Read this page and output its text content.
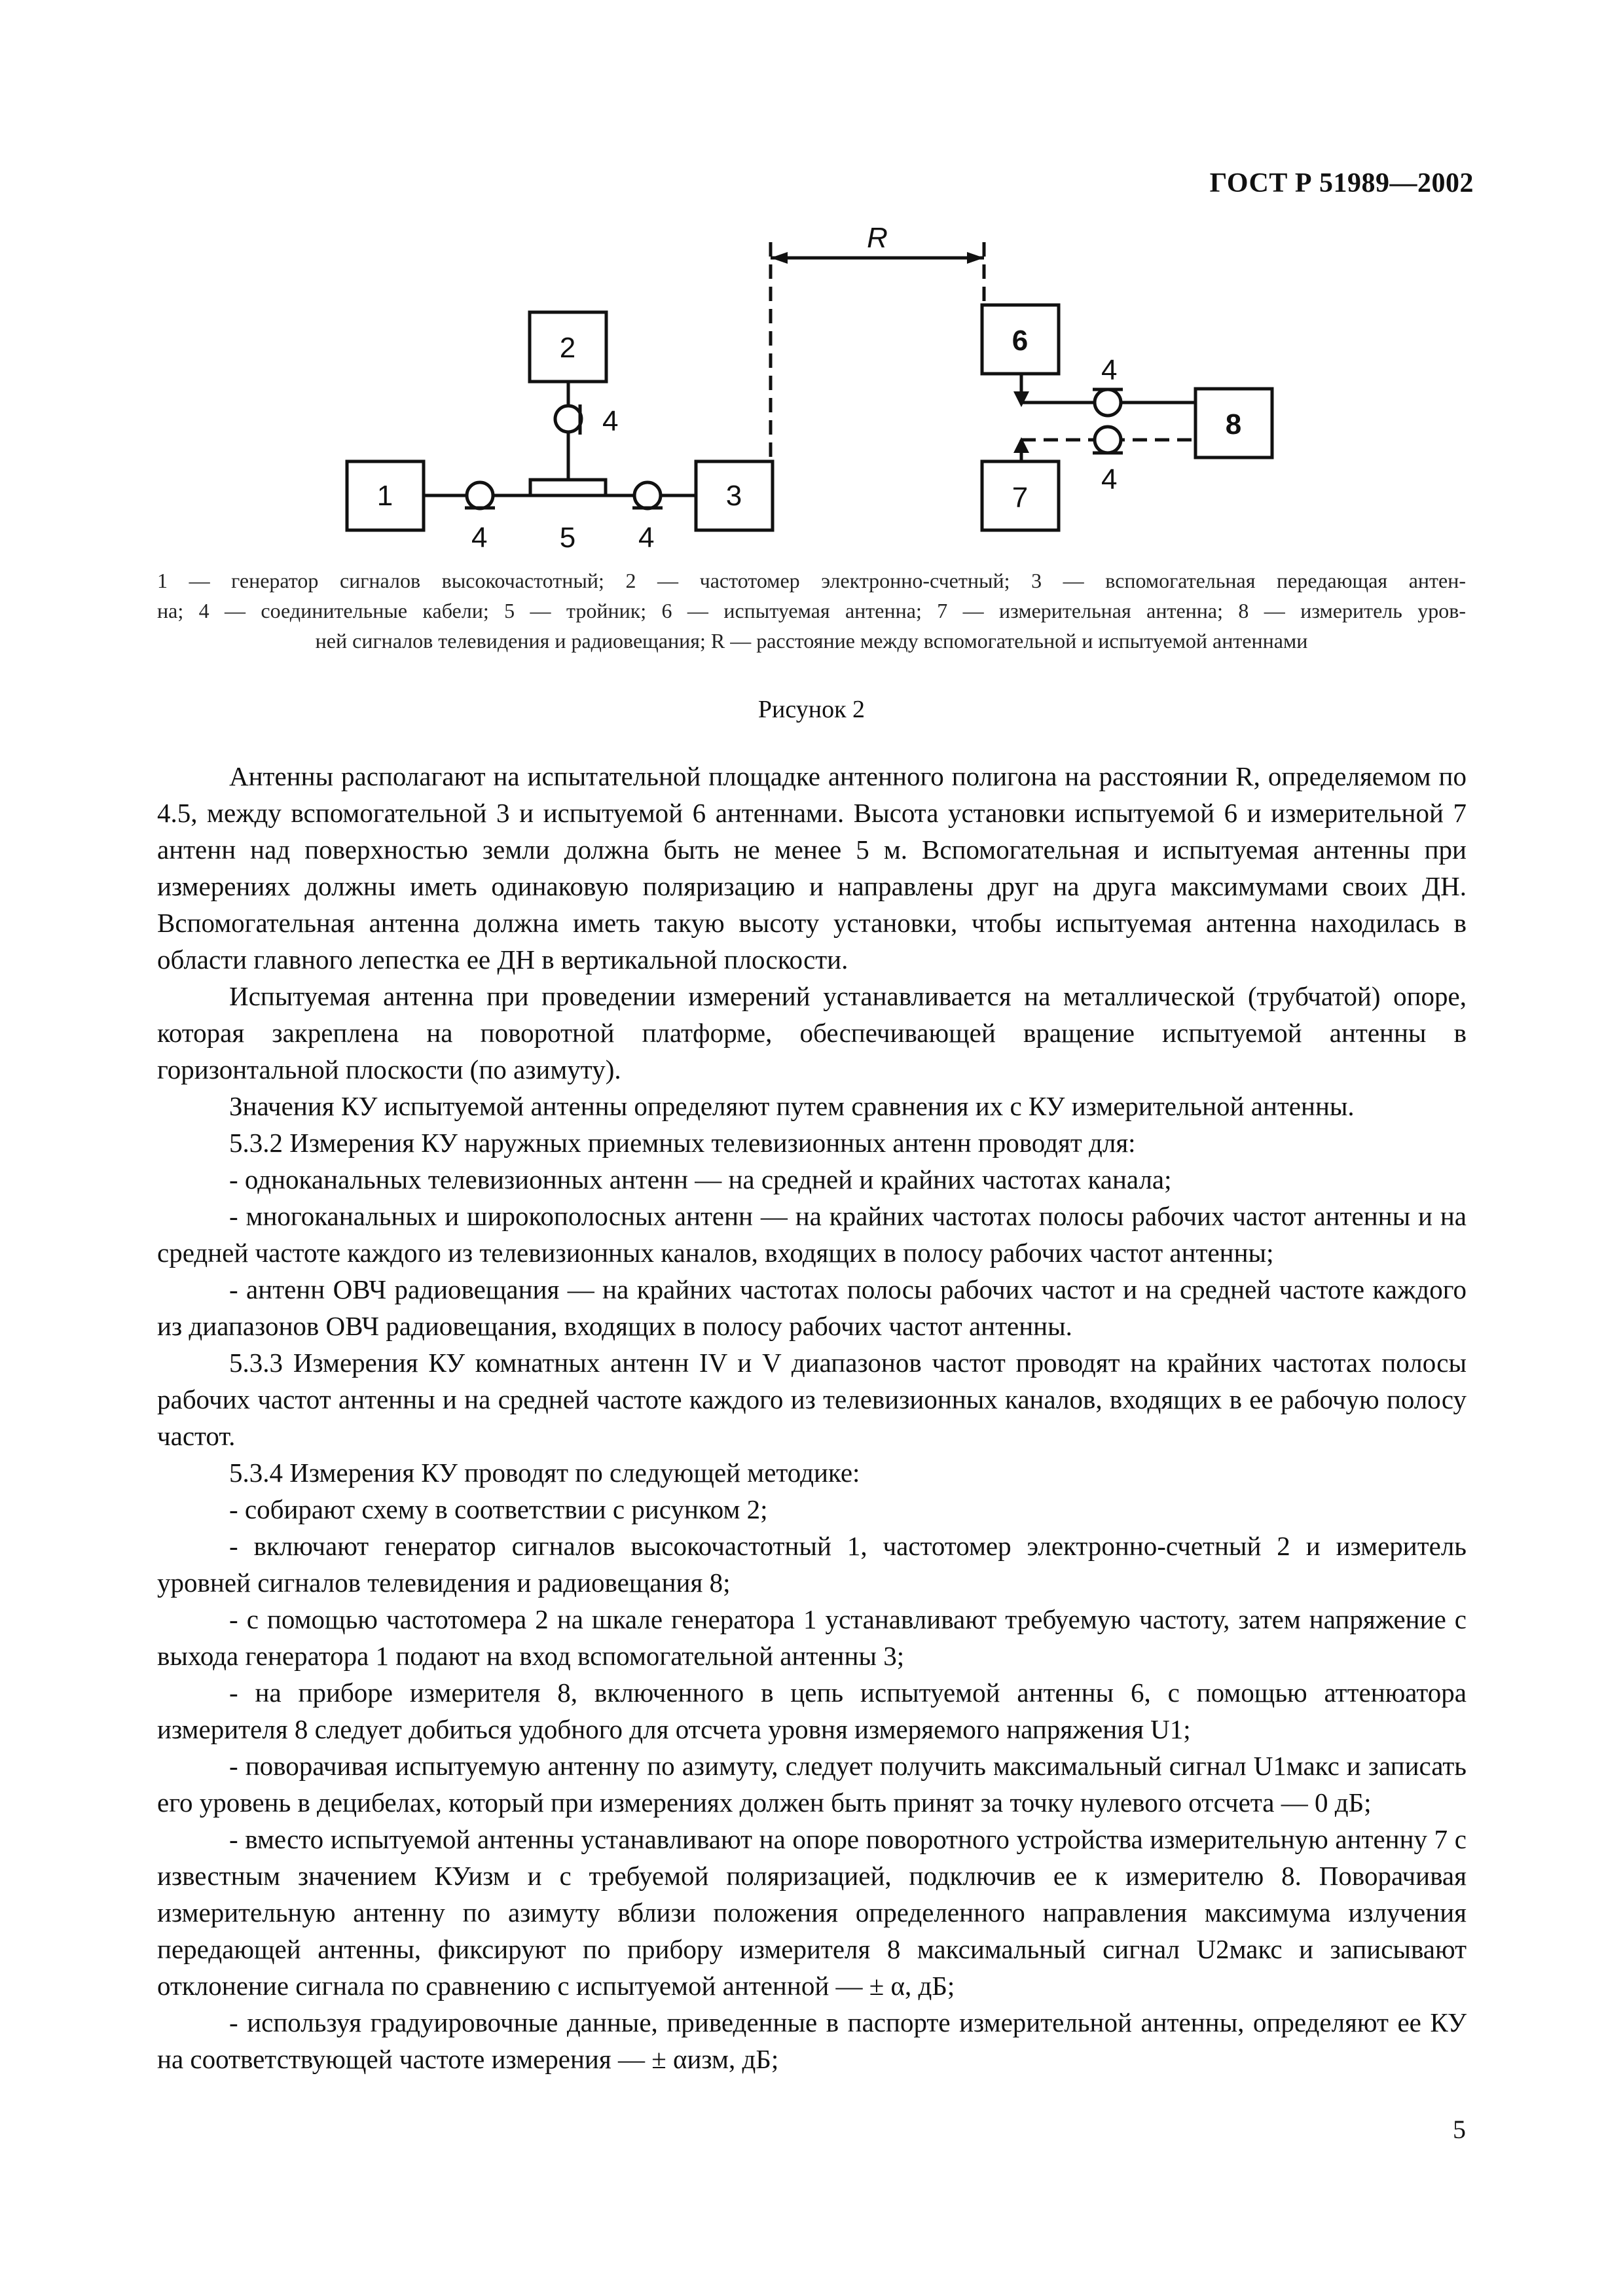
ГОСТ Р 51989—2002
1
2
3
4
4	5 4
6
7
8
4
4
R
1 — генератор сигналов высокочастотный; 2 — частотомер электронно-счетный; 3 — вспомогательная передающая антен-
на; 4 — соединительные кабели; 5 — тройник; 6 — испытуемая антенна; 7 — измерительная антенна; 8 — измеритель уров-
ней сигналов телевидения и радиовещания; R — расстояние между вспомогательной и испытуемой антеннами
Рисунок 2

Антенны располагают на испытательной площадке антенного полигона на расстоянии R, определяемом по 4.5, между вспомогательной 3 и испытуемой 6 антеннами. Высота установки испытуемой 6 и измерительной 7 антенн над поверхностью земли должна быть не менее 5 м. Вспомогательная и испытуемая антенны при измерениях должны иметь одинаковую поляризацию и направлены друг на друга максимумами своих ДН. Вспомогательная антенна должна иметь такую высоту установки, чтобы испытуемая антенна находилась в области главного лепестка ее ДН в вертикальной плоскости.

Испытуемая антенна при проведении измерений устанавливается на металлической (трубчатой) опоре, которая закреплена на поворотной платформе, обеспечивающей вращение испытуемой антенны в горизонтальной плоскости (по азимуту).

Значения КУ испытуемой антенны определяют путем сравнения их с КУ измерительной антенны.

5.3.2 Измерения КУ наружных приемных телевизионных антенн проводят для:

- одноканальных телевизионных антенн — на средней и крайних частотах канала;

- многоканальных и широкополосных антенн — на крайних частотах полосы рабочих частот антенны и на средней частоте каждого из телевизионных каналов, входящих в полосу рабочих частот антенны;

- антенн ОВЧ радиовещания — на крайних частотах полосы рабочих частот и на средней частоте каждого из диапазонов ОВЧ радиовещания, входящих в полосу рабочих частот антенны.

5.3.3 Измерения КУ комнатных антенн IV и V диапазонов частот проводят на крайних частотах полосы рабочих частот антенны и на средней частоте каждого из телевизионных каналов, входящих в ее рабочую полосу частот.

5.3.4 Измерения КУ проводят по следующей методике:

- собирают схему в соответствии с рисунком 2;

- включают генератор сигналов высокочастотный 1, частотомер электронно-счетный 2 и измеритель уровней сигналов телевидения и радиовещания 8;

- с помощью частотомера 2 на шкале генератора 1 устанавливают требуемую частоту, затем напряжение с выхода генератора 1 подают на вход вспомогательной антенны 3;

- на приборе измерителя 8, включенного в цепь испытуемой антенны 6, с помощью аттенюатора измерителя 8 следует добиться удобного для отсчета уровня измеряемого напряжения U1;

- поворачивая испытуемую антенну по азимуту, следует получить максимальный сигнал U1макс и записать его уровень в децибелах, который при измерениях должен быть принят за точку нулевого отсчета — 0 дБ;

- вместо испытуемой антенны устанавливают на опоре поворотного устройства измерительную антенну 7 с известным значением КУизм и с требуемой поляризацией, подключив ее к измерителю 8. Поворачивая измерительную антенну по азимуту вблизи положения определенного направления максимума излучения передающей антенны, фиксируют по прибору измерителя 8 максимальный сигнал U2макс и записывают отклонение сигнала по сравнению с испытуемой антенной — ± α, дБ;

- используя градуировочные данные, приведенные в паспорте измерительной антенны, определяют ее КУ на соответствующей частоте измерения — ± αизм, дБ;

5
